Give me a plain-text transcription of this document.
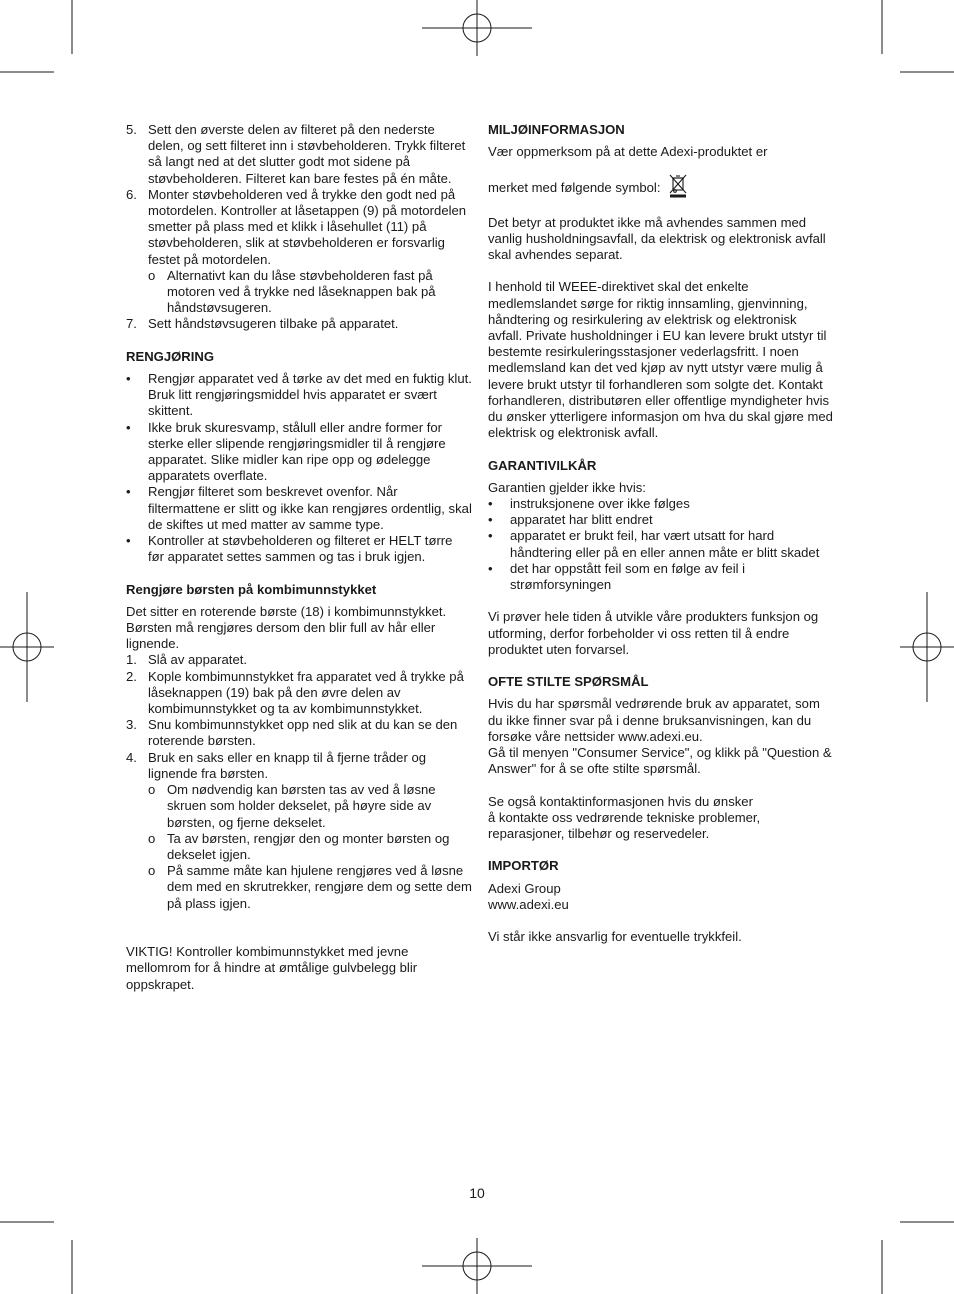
5. Sett den øverste delen av filteret på den nederste delen, og sett filteret inn i støvbeholderen. Trykk filteret så langt ned at det slutter godt mot sidene på støvbeholderen. Filteret kan bare festes på én måte.
6. Monter støvbeholderen ved å trykke den godt ned på motordelen. Kontroller at låsetappen (9) på motordelen smetter på plass med et klikk i låsehullet (11) på støvbeholderen, slik at støvbeholderen er forsvarlig festet på motordelen.
o Alternativt kan du låse støvbeholderen fast på motoren ved å trykke ned låseknappen bak på håndstøvsugeren.
7. Sett håndstøvsugeren tilbake på apparatet.

RENGJØRING

•	Rengjør apparatet ved å tørke av det med en fuktig klut. Bruk litt rengjøringsmiddel hvis apparatet er svært skittent.
•	Ikke bruk skuresvamp, stålull eller andre former for sterke eller slipende rengjøringsmidler til å rengjøre apparatet. Slike midler kan ripe opp og ødelegge apparatets overflate.
•	Rengjør filteret som beskrevet ovenfor. Når filtermattene er slitt og ikke kan rengjøres ordentlig, skal de skiftes ut med matter av samme type.
•	Kontroller at støvbeholderen og filteret er HELT tørre før apparatet settes sammen og tas i bruk igjen.

Rengjøre børsten på kombimunnstykket

Det sitter en roterende børste (18) i kombimunnstykket. Børsten må rengjøres dersom den blir full av hår eller lignende.

1. Slå av apparatet.
2. Kople kombimunnstykket fra apparatet ved å trykke på låseknappen (19) bak på den øvre delen av kombimunnstykket og ta av kombimunnstykket.
3. Snu kombimunnstykket opp ned slik at du kan se den roterende børsten.
4. Bruk en saks eller en knapp til å fjerne tråder og lignende fra børsten.
o Om nødvendig kan børsten tas av ved å løsne skruen som holder dekselet, på høyre side av børsten, og fjerne dekselet.
o Ta av børsten, rengjør den og monter børsten og dekselet igjen.
o På samme måte kan hjulene rengjøres ved å løsne dem med en skrutrekker, rengjøre dem og sette dem på plass igjen.

VIKTIG! Kontroller kombimunnstykket med jevne mellomrom for å hindre at ømtålige gulvbelegg blir oppskrapet.

MILJØINFORMASJON

Vær oppmerksom på at dette Adexi-produktet er

merket med følgende symbol:

Det betyr at produktet ikke må avhendes sammen med vanlig husholdningsavfall, da elektrisk og elektronisk avfall skal avhendes separat.

I henhold til WEEE-direktivet skal det enkelte medlemslandet sørge for riktig innsamling, gjenvinning, håndtering og resirkulering av elektrisk og elektronisk avfall. Private husholdninger i EU kan levere brukt utstyr til bestemte resirkuleringsstasjoner vederlagsfritt. I noen medlemsland kan det ved kjøp av nytt utstyr være mulig å levere brukt utstyr til forhandleren som solgte det. Kontakt forhandleren, distributøren eller offentlige myndigheter hvis du ønsker ytterligere informasjon om hva du skal gjøre med elektrisk og elektronisk avfall.

GARANTIVILKÅR

Garantien gjelder ikke hvis:

•	instruksjonene over ikke følges
•	apparatet har blitt endret
•	apparatet er brukt feil, har vært utsatt for hard håndtering eller på en eller annen måte er blitt skadet
•	det har oppstått feil som en følge av feil i strømforsyningen

Vi prøver hele tiden å utvikle våre produkters funksjon og utforming, derfor forbeholder vi oss retten til å endre produktet uten forvarsel.

OFTE STILTE SPØRSMÅL

Hvis du har spørsmål vedrørende bruk av apparatet, som du ikke finner svar på i denne bruksanvisningen, kan du forsøke våre nettsider www.adexi.eu.

Gå til menyen "Consumer Service", og klikk på "Question & Answer" for å se ofte stilte spørsmål.

Se også kontaktinformasjonen hvis du ønsker

å kontakte oss vedrørende tekniske problemer, reparasjoner, tilbehør og reservedeler.

IMPORTØR

Adexi Group

www.adexi.eu

Vi står ikke ansvarlig for eventuelle trykkfeil.

10
